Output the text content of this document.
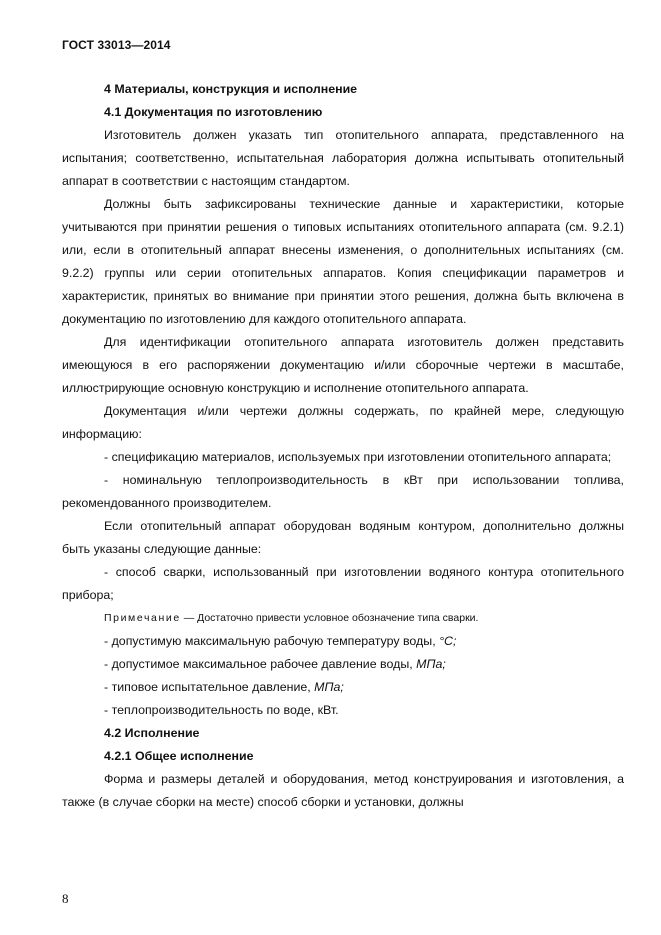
ГОСТ 33013—2014

4 Материалы, конструкция и исполнение

4.1 Документация по изготовлению

Изготовитель должен указать тип отопительного аппарата, представленного на испытания; соответственно, испытательная лаборатория должна испытывать отопительный аппарат в соответствии с настоящим стандартом.

Должны быть зафиксированы технические данные и характеристики, которые учитываются при принятии решения о типовых испытаниях отопительного аппарата (см. 9.2.1) или, если в отопительный аппарат внесены изменения, о дополнительных испытаниях (см. 9.2.2) группы или серии отопительных аппаратов. Копия спецификации параметров и характеристик, принятых во внимание при принятии этого решения, должна быть включена в документацию по изготовлению для каждого отопительного аппарата.

Для идентификации отопительного аппарата изготовитель должен представить имеющуюся в его распоряжении документацию и/или сборочные чертежи в масштабе, иллюстрирующие основную конструкцию и исполнение отопительного аппарата.

Документация и/или чертежи должны содержать, по крайней мере, следующую информацию:

- спецификацию материалов, используемых при изготовлении отопительного аппарата;

- номинальную теплопроизводительность в кВт при использовании топлива, рекомендованного производителем.

Если отопительный аппарат оборудован водяным контуром, дополнительно должны быть указаны следующие данные:

- способ сварки, использованный при изготовлении водяного контура отопительного прибора;

Примечание — Достаточно привести условное обозначение типа сварки.

- допустимую максимальную рабочую температуру воды, °С;

- допустимое максимальное рабочее давление воды, МПа;

- типовое испытательное давление, МПа;

- теплопроизводительность по воде, кВт.

4.2 Исполнение

4.2.1 Общее исполнение

Форма и размеры деталей и оборудования, метод конструирования и изготовления, а также (в случае сборки на месте) способ сборки и установки, должны

8
